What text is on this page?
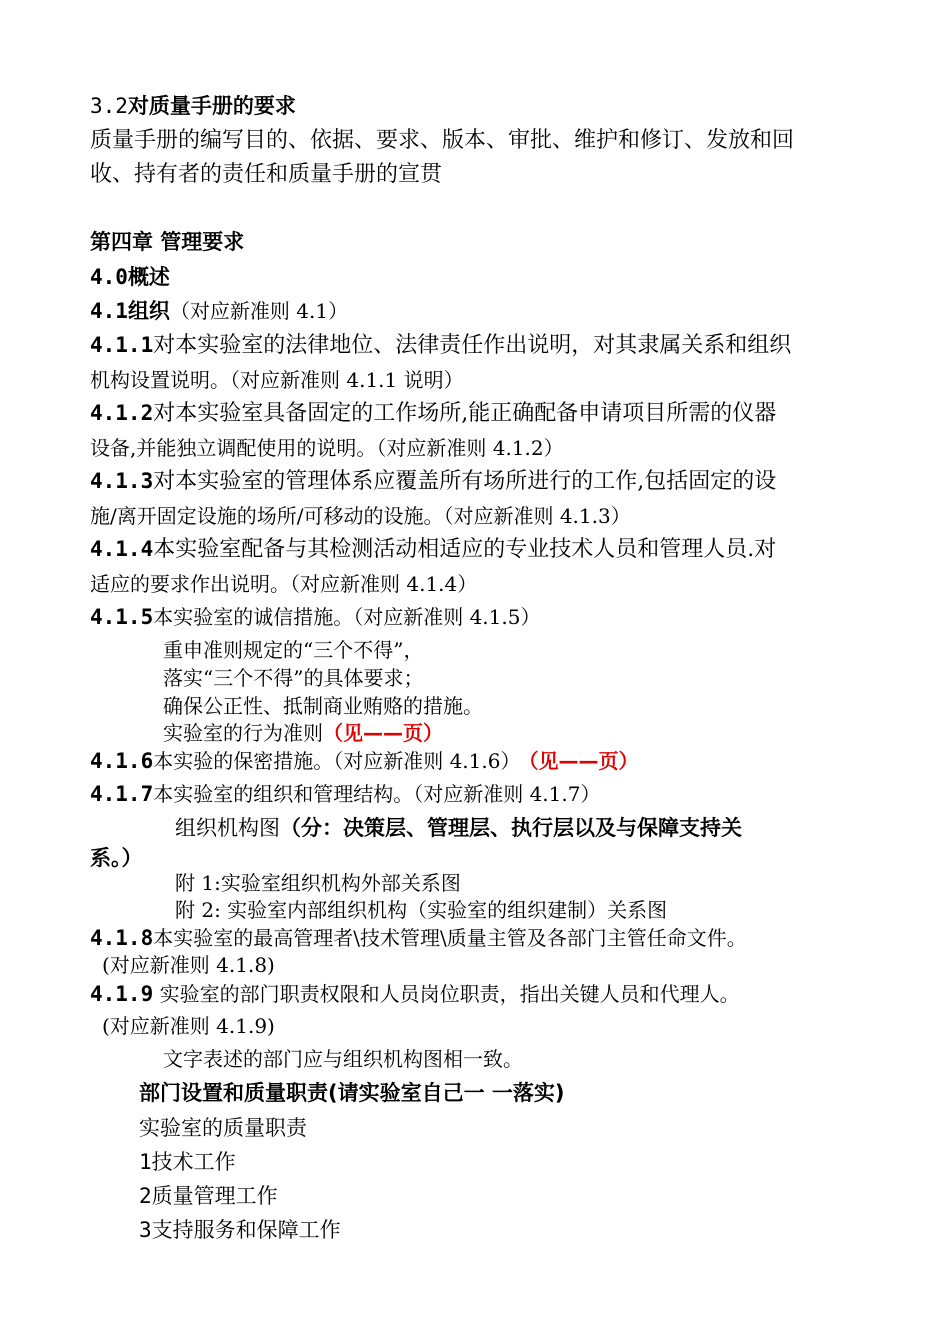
3.2对质量手册的要求
质量手册的编写目的、依据、要求、版本、审批、维护和修订、发放和回
收、持有者的责任和质量手册的宣贯
第四章 管理要求
4.0概述
4.1组织（对应新准则 4.1）
4.1.1对本实验室的法律地位、法律责任作出说明，对其隶属关系和组织
机构设置说明。（对应新准则 4.1.1 说明）
4.1.2对本实验室具备固定的工作场所,能正确配备申请项目所需的仪器
设备,并能独立调配使用的说明。（对应新准则 4.1.2）
4.1.3对本实验室的管理体系应覆盖所有场所进行的工作,包括固定的设
施/离开固定设施的场所/可移动的设施。（对应新准则 4.1.3）
4.1.4本实验室配备与其检测活动相适应的专业技术人员和管理人员.对
适应的要求作出说明。（对应新准则 4.1.4）
4.1.5本实验室的诚信措施。（对应新准则 4.1.5）
重申准则规定的“三个不得”，
落实“三个不得”的具体要求；
确保公正性、抵制商业贿赂的措施。
实验室的行为准则（见——页）
4.1.6本实验的保密措施。（对应新准则 4.1.6） （见——页）
4.1.7本实验室的组织和管理结构。（对应新准则 4.1.7）
组织机构图（分：决策层、管理层、执行层以及与保障支持关
系。）
附 1:实验室组织机构外部关系图
附 2: 实验室内部组织机构（实验室的组织建制）关系图
4.1.8本实验室的最高管理者\技术管理\质量主管及各部门主管任命文件。
(对应新准则 4.1.8)
4.1.9 实验室的部门职责权限和人员岗位职责，指出关键人员和代理人。
(对应新准则 4.1.9)
文字表述的部门应与组织机构图相一致。
部门设置和质量职责(请实验室自己一 一落实)
实验室的质量职责
1技术工作
2质量管理工作
3支持服务和保障工作
